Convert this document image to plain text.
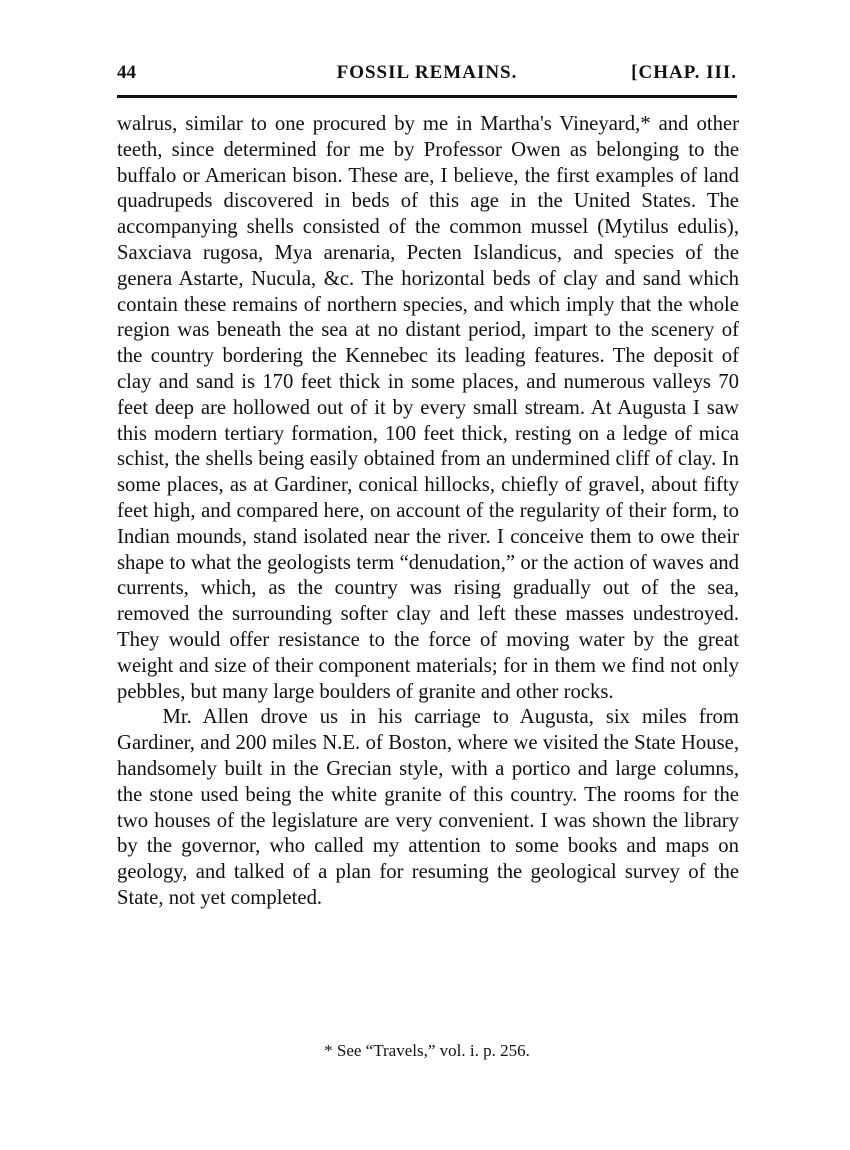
44	FOSSIL REMAINS.	[CHAP. III.

walrus, similar to one procured by me in Martha's Vineyard,* and other teeth, since determined for me by Professor Owen as belonging to the buffalo or American bison. These are, I believe, the first examples of land quadrupeds discovered in beds of this age in the United States. The accompanying shells consisted of the common mussel (Mytilus edulis), Saxciava rugosa, Mya arenaria, Pecten Islandicus, and species of the genera Astarte, Nucula, &c. The horizontal beds of clay and sand which contain these remains of northern species, and which imply that the whole region was beneath the sea at no distant period, impart to the scenery of the country bordering the Kennebec its leading features. The deposit of clay and sand is 170 feet thick in some places, and numerous valleys 70 feet deep are hollowed out of it by every small stream. At Augusta I saw this modern tertiary formation, 100 feet thick, resting on a ledge of mica schist, the shells being easily obtained from an undermined cliff of clay. In some places, as at Gardiner, conical hillocks, chiefly of gravel, about fifty feet high, and compared here, on account of the regularity of their form, to Indian mounds, stand isolated near the river. I conceive them to owe their shape to what the geologists term “denudation,” or the action of waves and currents, which, as the country was rising gradually out of the sea, removed the surrounding softer clay and left these masses undestroyed. They would offer resistance to the force of moving water by the great weight and size of their component materials; for in them we find not only pebbles, but many large boulders of granite and other rocks.

Mr. Allen drove us in his carriage to Augusta, six miles from Gardiner, and 200 miles N.E. of Boston, where we visited the State House, handsomely built in the Grecian style, with a portico and large columns, the stone used being the white granite of this country. The rooms for the two houses of the legislature are very convenient. I was shown the library by the governor, who called my attention to some books and maps on geology, and talked of a plan for resuming the geological survey of the State, not yet completed.

* See “Travels,” vol. i. p. 256.
